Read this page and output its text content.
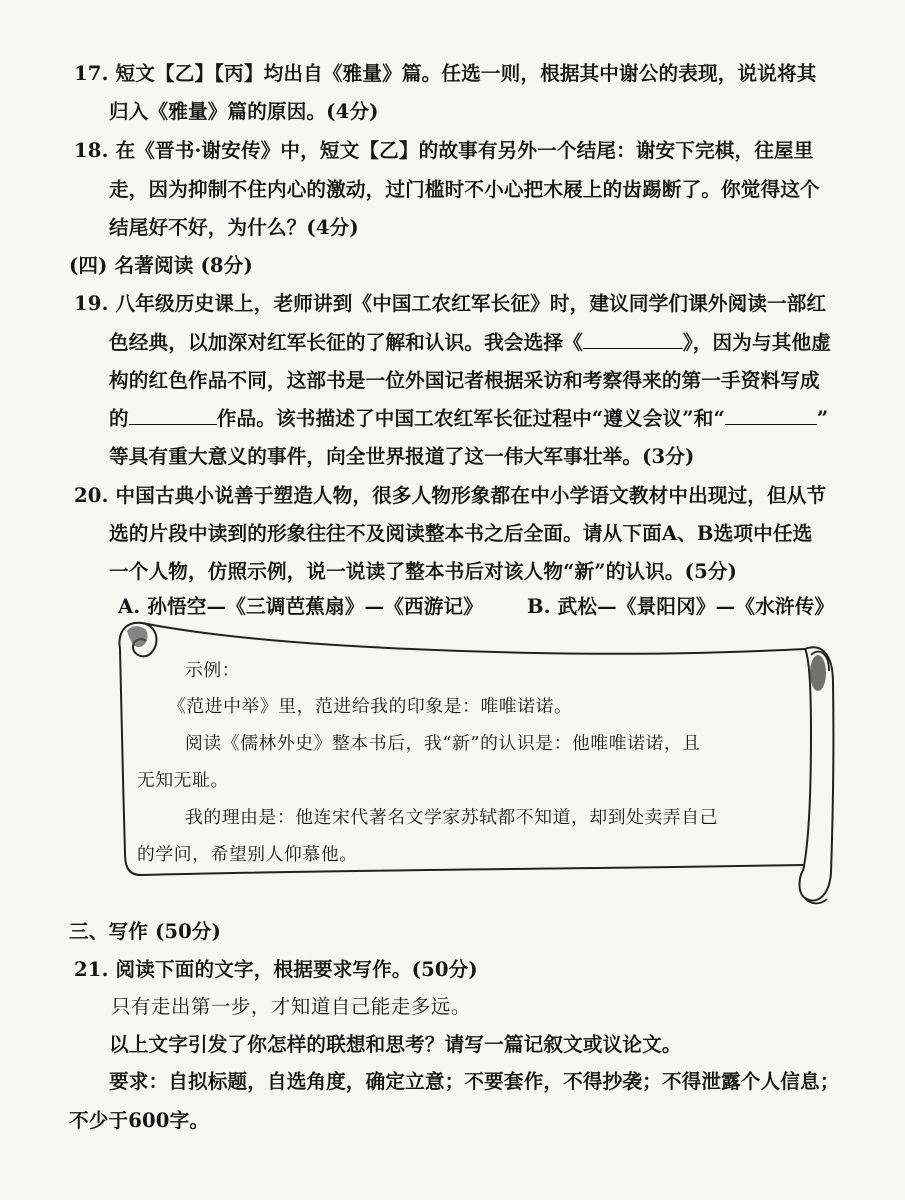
17. 短文【乙】【丙】均出自《雅量》篇。任选一则，根据其中谢公的表现，说说将其
归入《雅量》篇的原因。(4分)
18. 在《晋书·谢安传》中，短文【乙】的故事有另外一个结尾：谢安下完棋，往屋里
走，因为抑制不住内心的激动，过门槛时不小心把木屐上的齿踢断了。你觉得这个
结尾好不好，为什么？(4分)
(四) 名著阅读 (8分)
19. 八年级历史课上，老师讲到《中国工农红军长征》时，建议同学们课外阅读一部红
色经典，以加深对红军长征的了解和认识。我会选择《	》，因为与其他虚
构的红色作品不同，这部书是一位外国记者根据采访和考察得来的第一手资料写成
的	作品。该书描述了中国工农红军长征过程中“遵义会议”和“	”
等具有重大意义的事件，向全世界报道了这一伟大军事壮举。(3分)
20. 中国古典小说善于塑造人物，很多人物形象都在中小学语文教材中出现过，但从节
选的片段中读到的形象往往不及阅读整本书之后全面。请从下面A、B选项中任选
一个人物，仿照示例，说一说读了整本书后对该人物“新”的认识。(5分)
A. 孙悟空—《三调芭蕉扇》—《西游记》 B. 武松—《景阳冈》—《水浒传》
示例：
《范进中举》里，范进给我的印象是：唯唯诺诺。
阅读《儒林外史》整本书后，我“新”的认识是：他唯唯诺诺，且
无知无耻。
我的理由是：他连宋代著名文学家苏轼都不知道，却到处卖弄自己
的学问，希望别人仰慕他。
三、写作 (50分)
21. 阅读下面的文字，根据要求写作。(50分)
只有走出第一步，才知道自己能走多远。
以上文字引发了你怎样的联想和思考？请写一篇记叙文或议论文。
要求：自拟标题，自选角度，确定立意；不要套作，不得抄袭；不得泄露个人信息；
不少于600字。
